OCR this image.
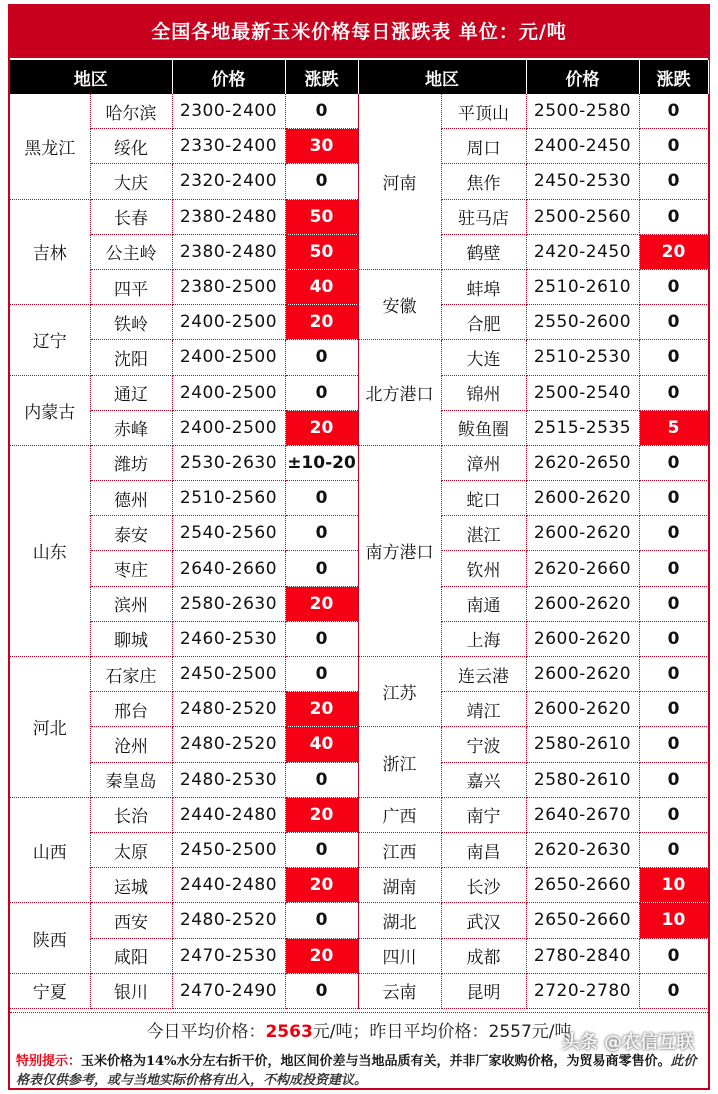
全国各地最新玉米价格每日涨跌表 单位：元/吨
地区		价格	涨跌	地区		价格	涨跌
黑龙江	哈尔滨	2300-2400	0	河南	平顶山	2500-2580	0
	绥化	2330-2400	30		周口	2400-2450	0
	大庆	2320-2400	0		焦作	2450-2530	0
吉林	长春	2380-2480	50		驻马店	2500-2560	0
	公主岭	2380-2480	50		鹤壁	2420-2450	20
	四平	2380-2500	40	安徽	蚌埠	2510-2610	0
辽宁	铁岭	2400-2500	20		合肥	2550-2600	0
	沈阳	2400-2500	0	北方港口	大连	2510-2530	0
内蒙古	通辽	2400-2500	0		锦州	2500-2540	0
	赤峰	2400-2500	20		鲅鱼圈	2515-2535	5
山东	潍坊	2530-2630	±10-20	南方港口	漳州	2620-2650	0
	德州	2510-2560	0		蛇口	2600-2620	0
	泰安	2540-2560	0		湛江	2600-2620	0
	枣庄	2640-2660	0		钦州	2620-2660	0
	滨州	2580-2630	20		南通	2600-2620	0
	聊城	2460-2530	0		上海	2600-2620	0
河北	石家庄	2450-2500	0	江苏	连云港	2600-2620	0
	邢台	2480-2520	20		靖江	2600-2620	0
	沧州	2480-2520	40	浙江	宁波	2580-2610	0
	秦皇岛	2480-2530	0		嘉兴	2580-2610	0
山西	长治	2440-2480	20	广西	南宁	2640-2670	0
	太原	2450-2500	0	江西	南昌	2620-2630	0
	运城	2440-2480	20	湖南	长沙	2650-2660	10
陕西	西安	2480-2520	0	湖北	武汉	2650-2660	10
	咸阳	2470-2530	20	四川	成都	2780-2840	0
宁夏	银川	2470-2490	0	云南	昆明	2720-2780	0
今日平均价格：2563元/吨；昨日平均价格：2557元/吨
特别提示：玉米价格为14%水分左右折干价，地区间价差与当地品质有关，并非厂家收购价格，为贸易商零售价。此价格表仅供参考，或与当地实际价格有出入，不构成投资建议。
头条 @农信互联
